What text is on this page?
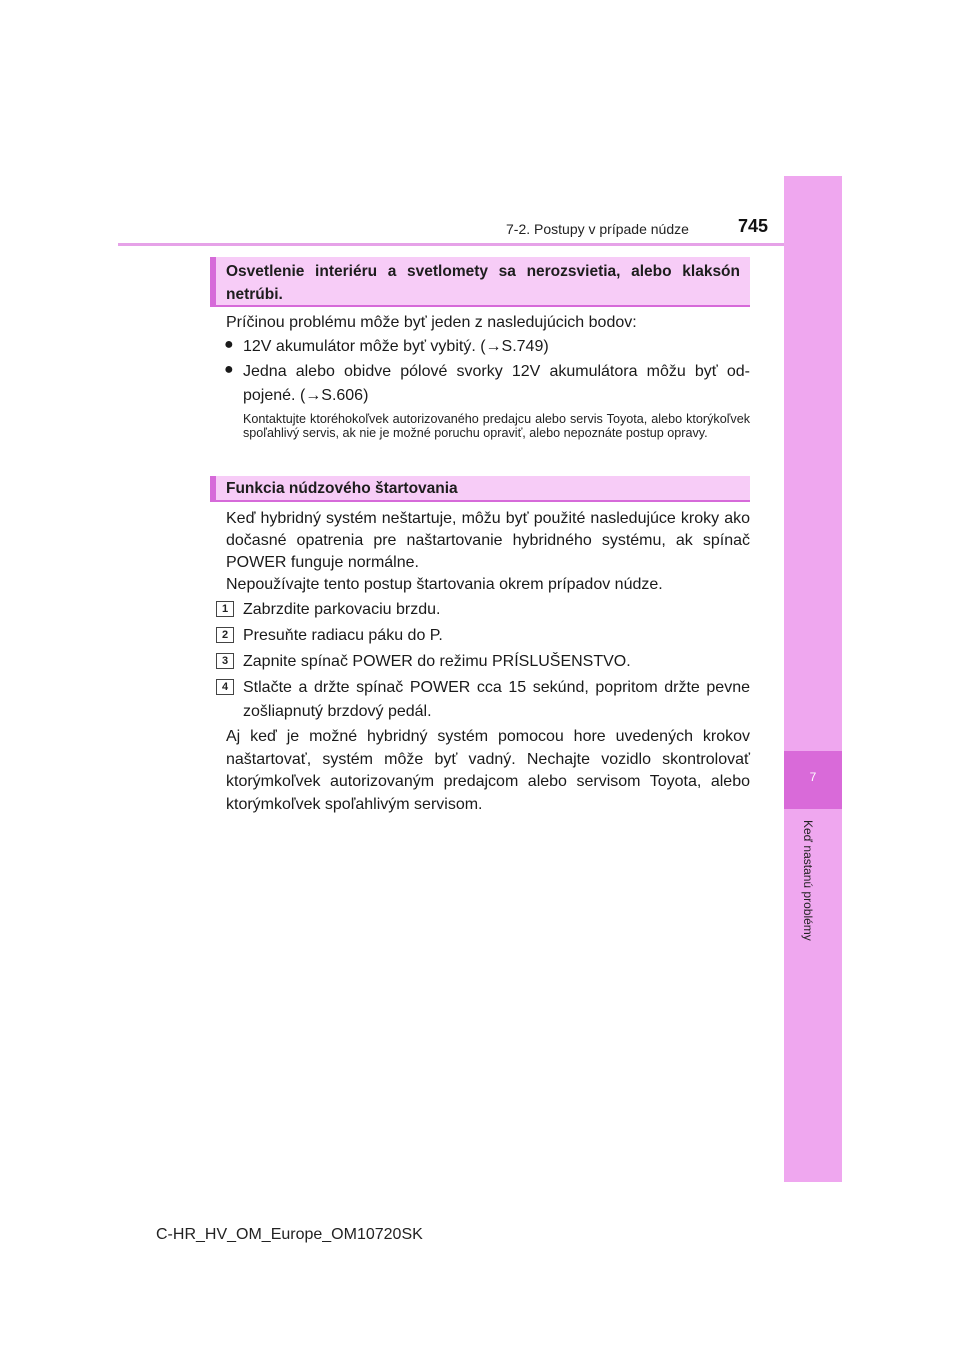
7-2. Postupy v prípade núdze	745
7
Keď nastanú problémy
Osvetlenie interiéru a svetlomety sa nerozsvietia, alebo klaksón netrúbi.

Príčinou problému môže byť jeden z nasledujúcich bodov:

● 12V akumulátor môže byť vybitý. (→S.749)
● Jedna alebo obidve pólové svorky 12V akumulátora môžu byť od- pojené. (→S.606)
Kontaktujte ktoréhokoľvek autorizovaného predajcu alebo servis Toyota, alebo ktorýkoľvek spoľahlivý servis, ak nie je možné poruchu opraviť, alebo nepoznáte postup opravy.
Funkcia núdzového štartovania

Keď hybridný systém neštartuje, môžu byť použité nasledujúce kroky ako dočasné opatrenia pre naštartovanie hybridného systému, ak spínač POWER funguje normálne.

Nepoužívajte tento postup štartovania okrem prípadov núdze.

1 Zabrzdite parkovaciu brzdu.
2 Presuňte radiacu páku do P.
3 Zapnite spínač POWER do režimu PRÍSLUŠENSTVO.
4 Stlačte a držte spínač POWER cca 15 sekúnd, popritom držte pevne zošliapnutý brzdový pedál.

Aj keď je možné hybridný systém pomocou hore uvedených krokov naštartovať, systém môže byť vadný. Nechajte vozidlo skontrolovať ktorýmkoľvek autorizovaným predajcom alebo servisom Toyota, alebo ktorýmkoľvek spoľahlivým servisom.

C-HR_HV_OM_Europe_OM10720SK
